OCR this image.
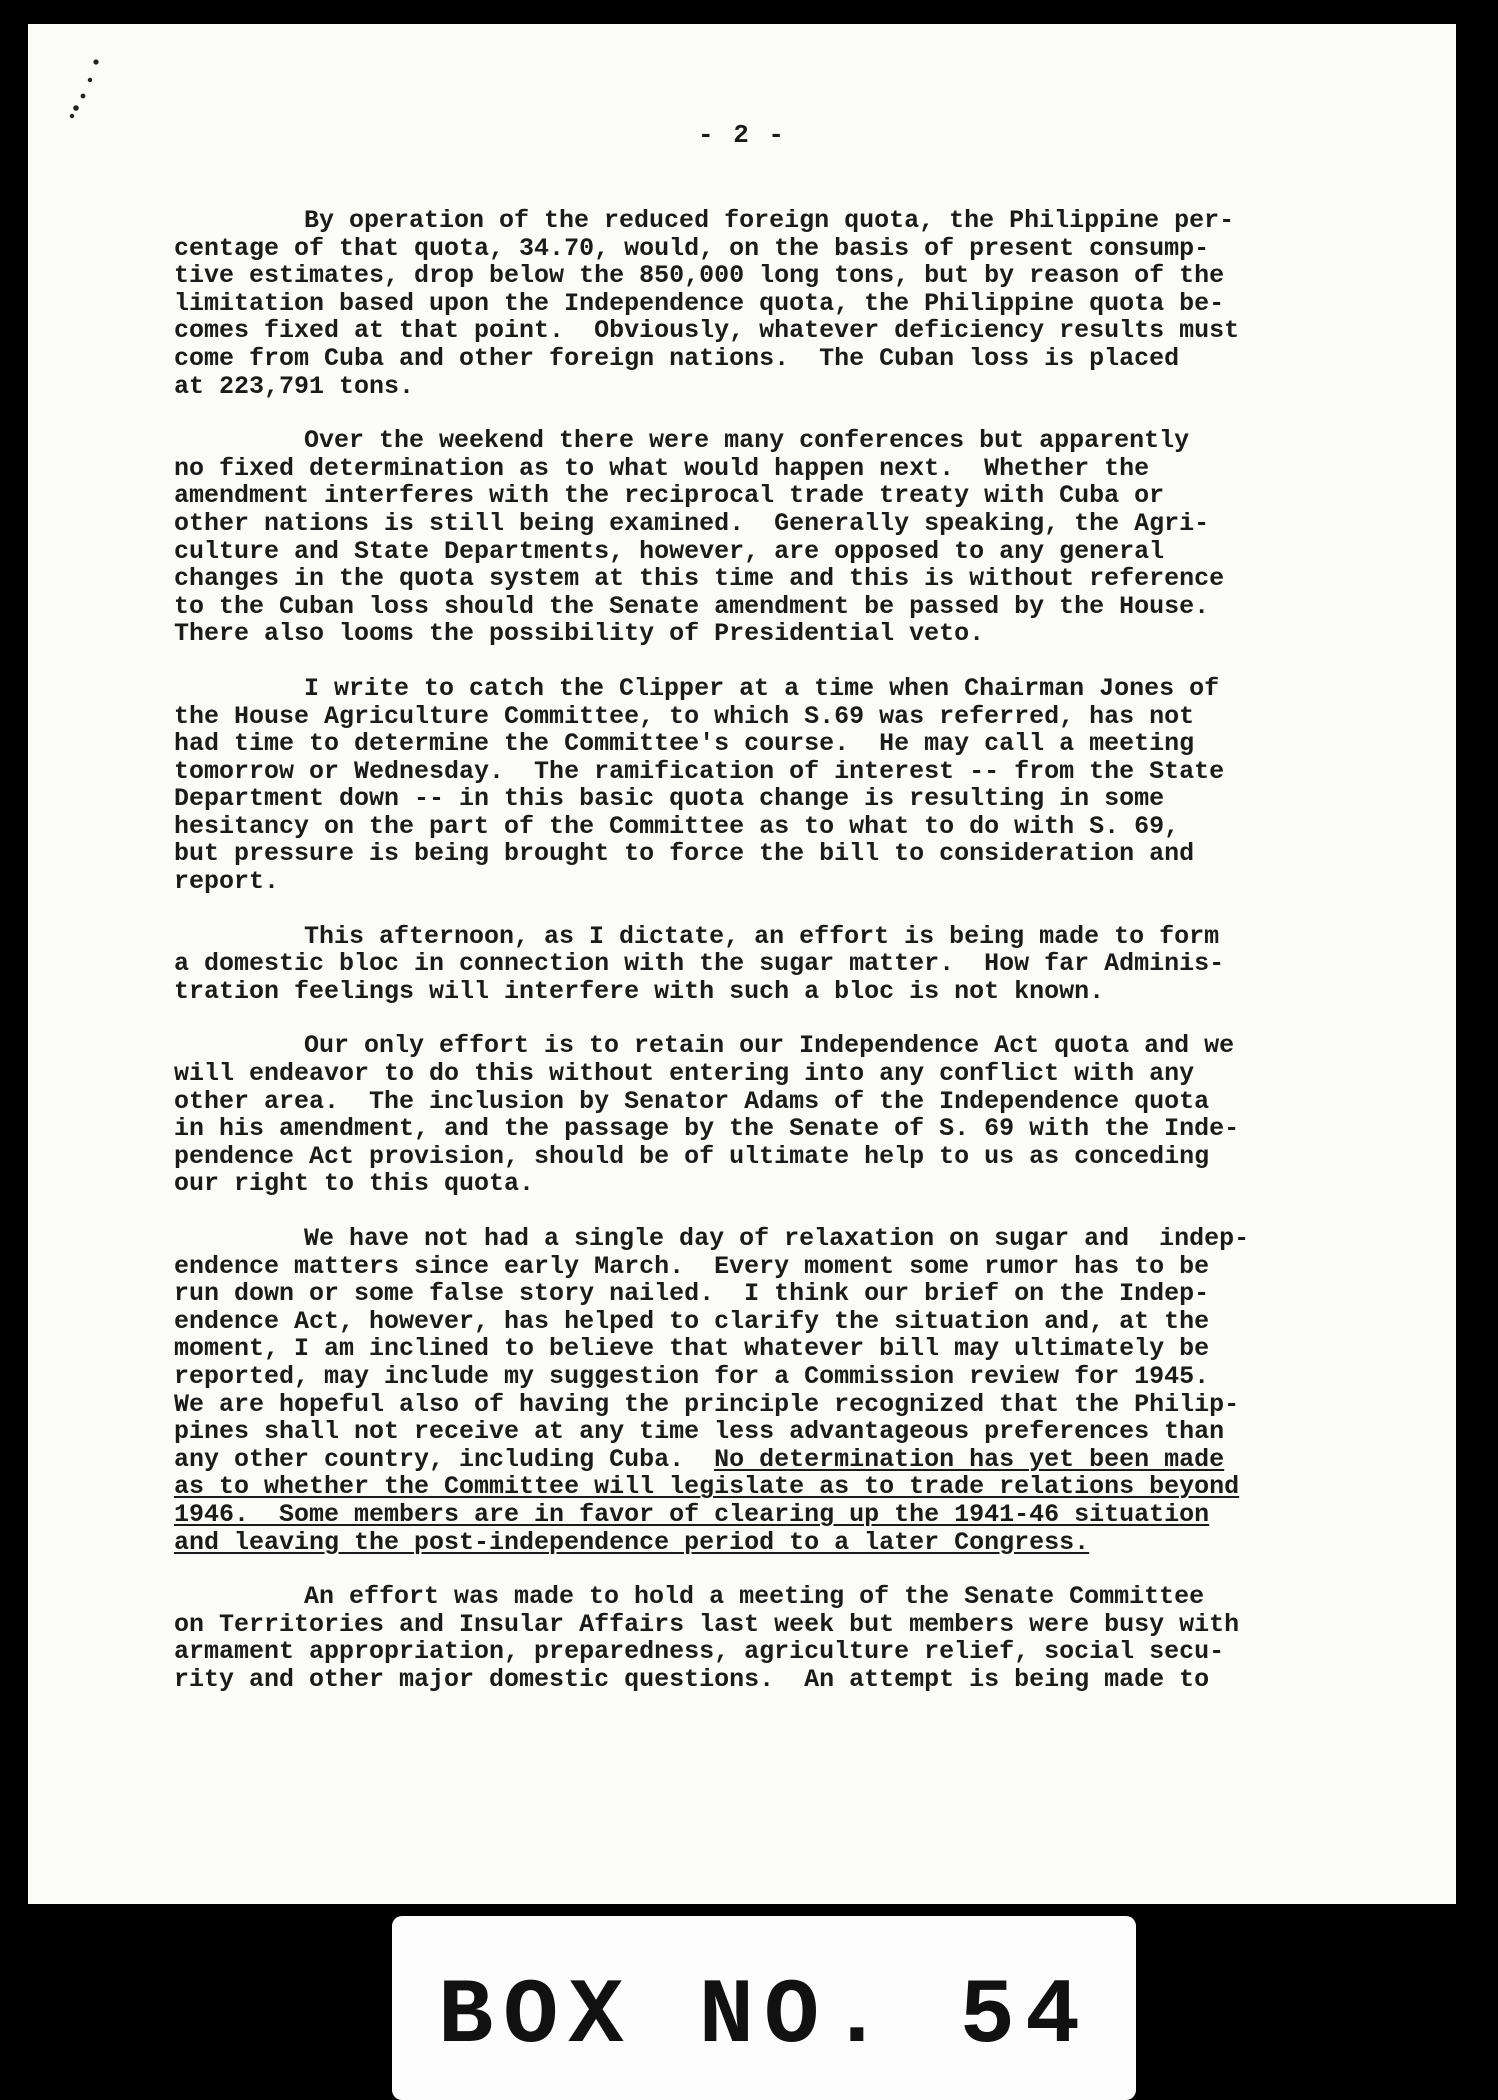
- 2 -
By operation of the reduced foreign quota, the Philippine per-
centage of that quota, 34.70, would, on the basis of present consump-
tive estimates, drop below the 850,000 long tons, but by reason of the
limitation based upon the Independence quota, the Philippine quota be-
comes fixed at that point.  Obviously, whatever deficiency results must
come from Cuba and other foreign nations.  The Cuban loss is placed
at 223,791 tons.
Over the weekend there were many conferences but apparently
no fixed determination as to what would happen next.  Whether the
amendment interferes with the reciprocal trade treaty with Cuba or
other nations is still being examined.  Generally speaking, the Agri-
culture and State Departments, however, are opposed to any general
changes in the quota system at this time and this is without reference
to the Cuban loss should the Senate amendment be passed by the House.
There also looms the possibility of Presidential veto.
I write to catch the Clipper at a time when Chairman Jones of
the House Agriculture Committee, to which S.69 was referred, has not
had time to determine the Committee's course.  He may call a meeting
tomorrow or Wednesday.  The ramification of interest -- from the State
Department down -- in this basic quota change is resulting in some
hesitancy on the part of the Committee as to what to do with S. 69,
but pressure is being brought to force the bill to consideration and
report.
This afternoon, as I dictate, an effort is being made to form
a domestic bloc in connection with the sugar matter.  How far Adminis-
tration feelings will interfere with such a bloc is not known.
Our only effort is to retain our Independence Act quota and we
will endeavor to do this without entering into any conflict with any
other area.  The inclusion by Senator Adams of the Independence quota
in his amendment, and the passage by the Senate of S. 69 with the Inde-
pendence Act provision, should be of ultimate help to us as conceding
our right to this quota.
We have not had a single day of relaxation on sugar and  indep-
endence matters since early March.  Every moment some rumor has to be
run down or some false story nailed.  I think our brief on the Indep-
endence Act, however, has helped to clarify the situation and, at the
moment, I am inclined to believe that whatever bill may ultimately be
reported, may include my suggestion for a Commission review for 1945.
We are hopeful also of having the principle recognized that the Philip-
pines shall not receive at any time less advantageous preferences than
any other country, including Cuba.  No determination has yet been made
as to whether the Committee will legislate as to trade relations beyond
1946.  Some members are in favor of clearing up the 1941-46 situation
and leaving the post-independence period to a later Congress.
An effort was made to hold a meeting of the Senate Committee
on Territories and Insular Affairs last week but members were busy with
armament appropriation, preparedness, agriculture relief, social secu-
rity and other major domestic questions.  An attempt is being made to
BOX NO. 54
